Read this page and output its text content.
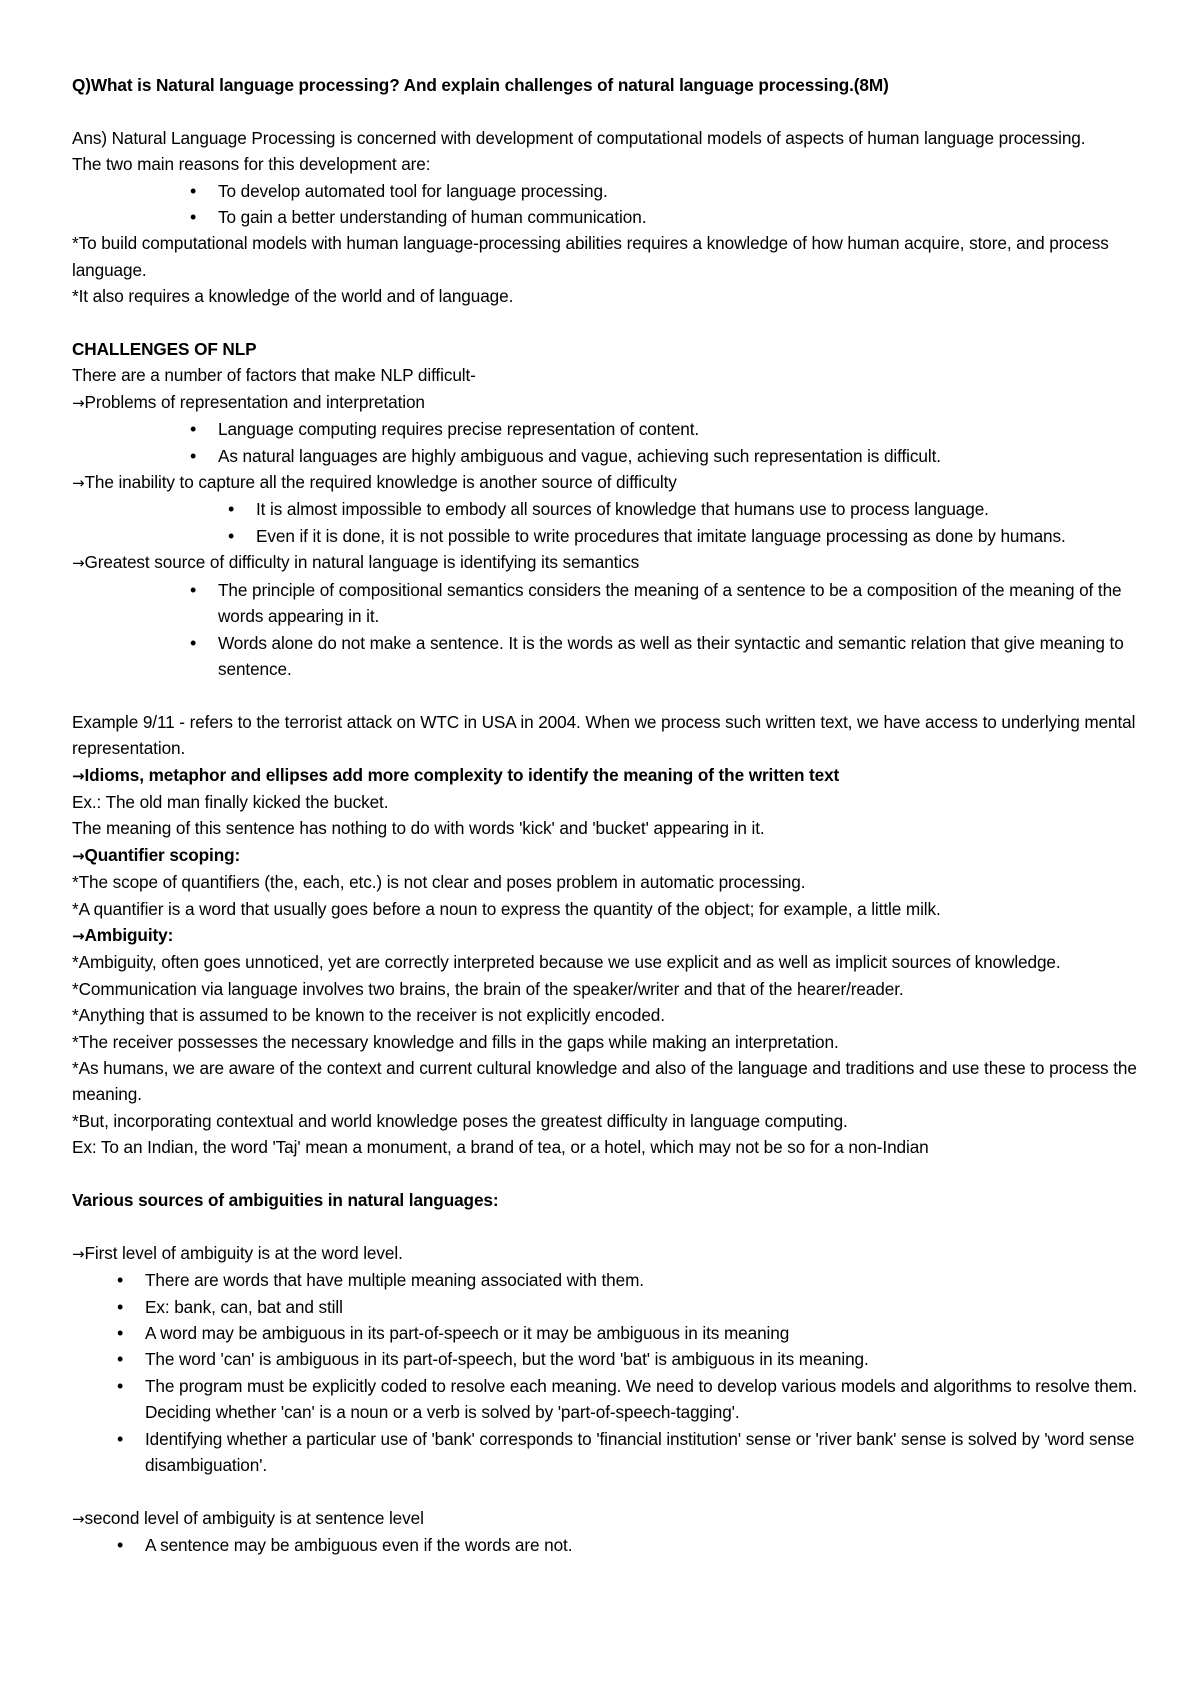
Q)What is Natural language processing? And explain challenges of natural language processing.(8M)

Ans) Natural Language Processing is concerned with development of computational models of aspects of human language processing.

The two main reasons for this development are:

• To develop automated tool for language processing.
• To gain a better understanding of human communication.

*To build computational models with human language-processing abilities requires a knowledge of how human acquire, store, and process language.

*It also requires a knowledge of the world and of language.

CHALLENGES OF NLP

There are a number of factors that make NLP difficult-

→Problems of representation and interpretation

• Language computing requires precise representation of content.
• As natural languages are highly ambiguous and vague, achieving such representation is difficult.

→The inability to capture all the required knowledge is another source of difficulty

• It is almost impossible to embody all sources of knowledge that humans use to process language.
• Even if it is done, it is not possible to write procedures that imitate language processing as done by humans.

→Greatest source of difficulty in natural language is identifying its semantics

• The principle of compositional semantics considers the meaning of a sentence to be a composition of the meaning of the words appearing in it.
• Words alone do not make a sentence. It is the words as well as their syntactic and semantic relation that give meaning to sentence.

Example 9/11 - refers to the terrorist attack on WTC in USA in 2004. When we process such written text, we have access to underlying mental representation.

→Idioms, metaphor and ellipses add more complexity to identify the meaning of the written text

Ex.: The old man finally kicked the bucket.

The meaning of this sentence has nothing to do with words 'kick' and 'bucket' appearing in it.

→Quantifier scoping:

*The scope of quantifiers (the, each, etc.) is not clear and poses problem in automatic processing.

*A quantifier is a word that usually goes before a noun to express the quantity of the object; for example, a little milk.

→Ambiguity:

*Ambiguity, often goes unnoticed, yet are correctly interpreted because we use explicit and as well as implicit sources of knowledge.

*Communication via language involves two brains, the brain of the speaker/writer and that of the hearer/reader.

*Anything that is assumed to be known to the receiver is not explicitly encoded.

*The receiver possesses the necessary knowledge and fills in the gaps while making an interpretation.

*As humans, we are aware of the context and current cultural knowledge and also of the language and traditions and use these to process the meaning.

*But, incorporating contextual and world knowledge poses the greatest difficulty in language computing.

Ex: To an Indian, the word 'Taj' mean a monument, a brand of tea, or a hotel, which may not be so for a non-Indian

Various sources of ambiguities in natural languages:

→First level of ambiguity is at the word level.

• There are words that have multiple meaning associated with them.
• Ex: bank, can, bat and still
• A word may be ambiguous in its part-of-speech or it may be ambiguous in its meaning
• The word 'can' is ambiguous in its part-of-speech, but the word 'bat' is ambiguous in its meaning.
• The program must be explicitly coded to resolve each meaning. We need to develop various models and algorithms to resolve them. Deciding whether 'can' is a noun or a verb is solved by 'part-of-speech-tagging'.
• Identifying whether a particular use of 'bank' corresponds to 'financial institution' sense or 'river bank' sense is solved by 'word sense disambiguation'.

→second level of ambiguity is at sentence level

• A sentence may be ambiguous even if the words are not.
